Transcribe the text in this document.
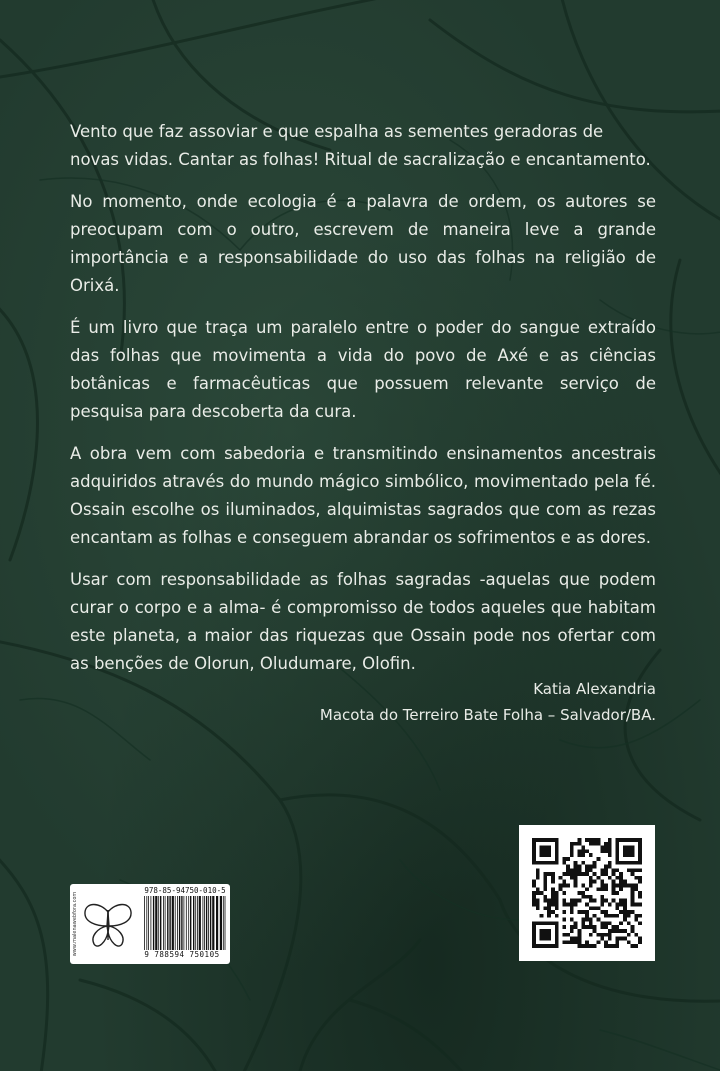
Vento que faz assoviar e que espalha as sementes geradoras de novas vidas. Cantar as folhas! Ritual de sacralização e encantamento.

No momento, onde ecologia é a palavra de ordem, os autores se preocupam com o outro, escrevem de maneira leve a grande importância e a responsabilidade do uso das folhas na religião de Orixá.

É um livro que traça um paralelo entre o poder do sangue extraído das folhas que movimenta a vida do povo de Axé e as ciências botânicas e farmacêuticas que possuem relevante serviço de pesquisa para descoberta da cura.

A obra vem com sabedoria e transmitindo ensinamentos ancestrais adquiridos através do mundo mágico simbólico, movimentado pela fé. Ossain escolhe os iluminados, alquimistas sagrados que com as rezas encantam as folhas e conseguem abrandar os sofrimentos e as dores.

Usar com responsabilidade as folhas sagradas -aquelas que podem curar o corpo e a alma- é compromisso de todos aqueles que habitam este planeta, a maior das riquezas que Ossain pode nos ofertar com as benções de Olorun, Oludumare, Olofin.

Katia Alexandria
Macota do Terreiro Bate Folha – Salvador/BA.
www.malenawebfora.com
978-85-94750-010-5
9 788594 750105
